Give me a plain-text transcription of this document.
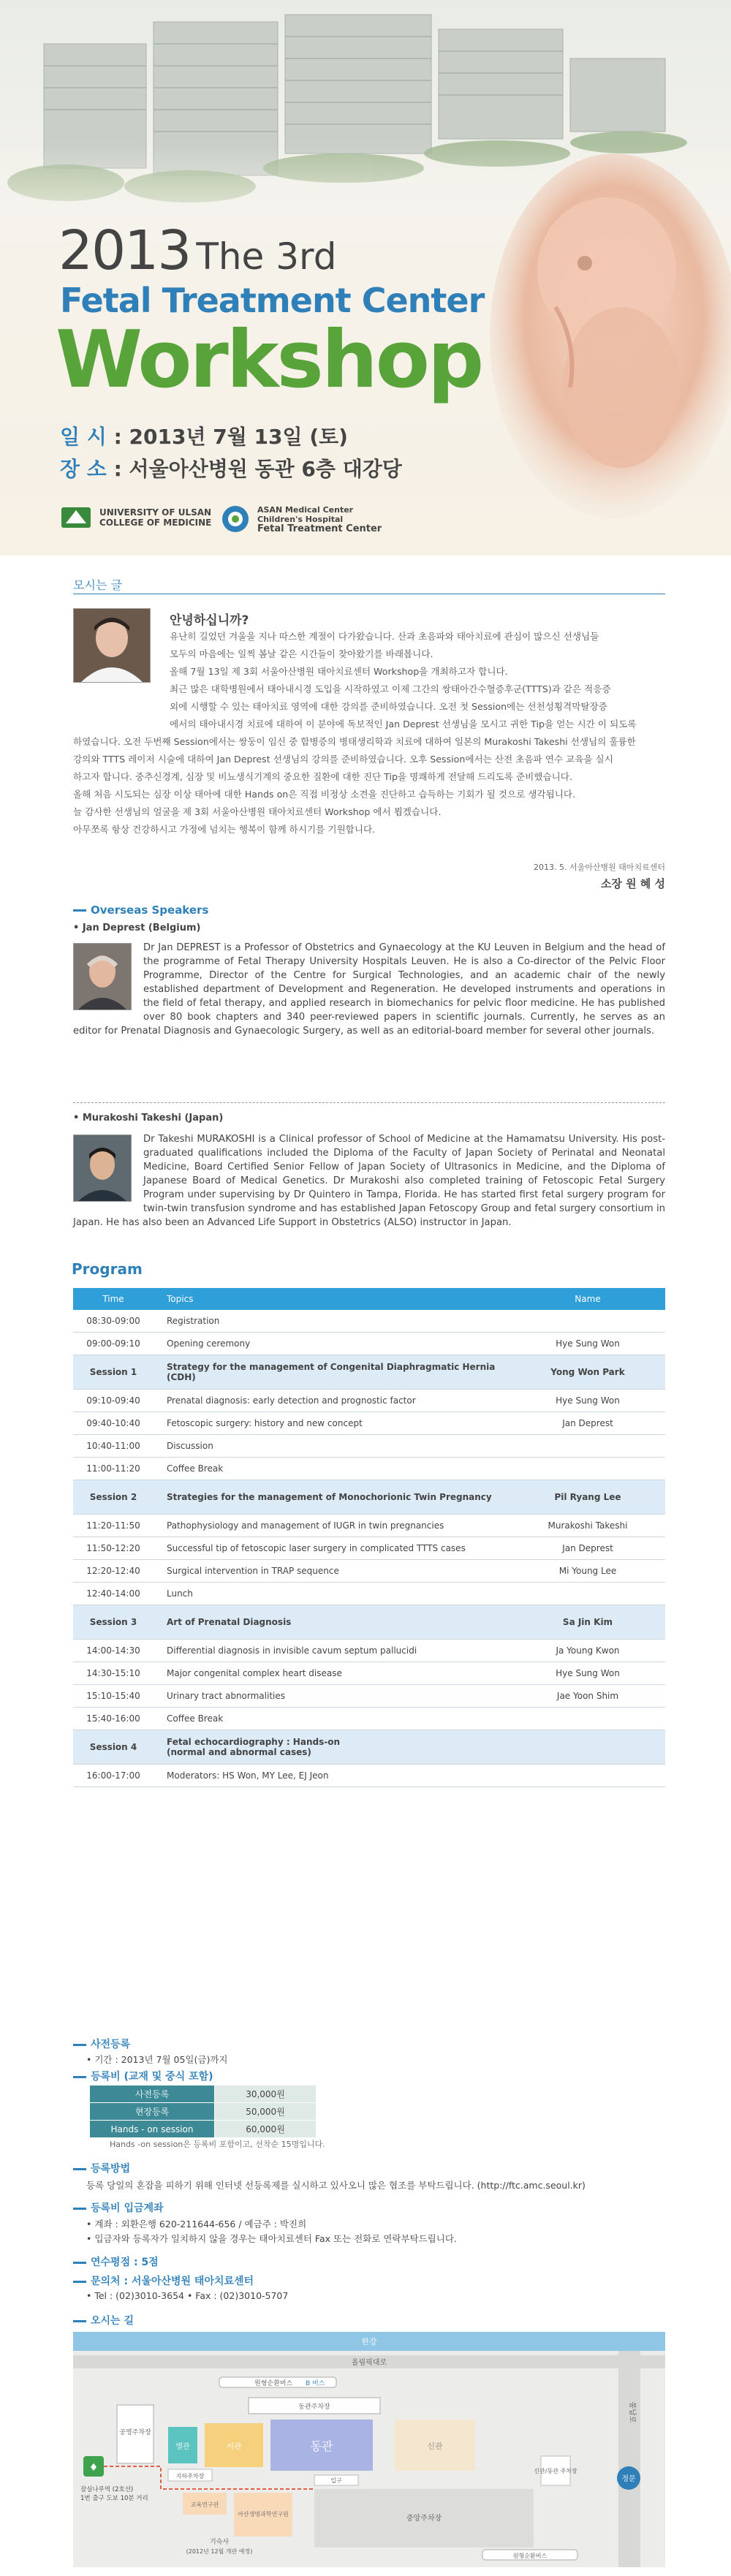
2013 The 3rd
Fetal Treatment Center
Workshop
일 시 : 2013년 7월 13일 (토)
장 소 : 서울아산병원 동관 6층 대강당
UNIVERSITY OF ULSAN
COLLEGE OF MEDICINE
ASAN Medical Center
Children's Hospital
Fetal Treatment Center
모시는 글
안녕하십니까?
유난히 길었던 겨울을 지나 따스한 계절이 다가왔습니다. 산과 초음파와 태아치료에 관심이 많으신 선생님들
모두의 마음에는 일찍 봄날 같은 시간들이 찾아왔기를 바래봅니다.
올해 7월 13일 제 3회 서울아산병원 태아치료센터 Workshop을 개최하고자 합니다.
최근 많은 대학병원에서 태아내시경 도입을 시작하였고 이제 그간의 쌍태아간수혈증후군(TTTS)과 같은 적응증
외에 시행할 수 있는 태아치료 영역에 대한 강의를 준비하였습니다. 오전 첫 Session에는 선천성횡격막탈장증
에서의 태아내시경 치료에 대하여 이 분야에 독보적인 Jan Deprest 선생님을 모시고 귀한 Tip을 얻는 시간 이 되도록
하였습니다. 오전 두번째 Session에서는 쌍둥이 임신 중 합병증의 병태생리학과 치료에 대하여 일본의 Murakoshi Takeshi 선생님의 훌륭한
강의와 TTTS 레이저 시술에 대하여 Jan Deprest 선생님의 강의를 준비하였습니다. 오후 Session에서는 산전 초음파 연수 교육을 실시
하고자 합니다. 중추신경계, 심장 및 비뇨생식기계의 중요한 질환에 대한 진단 Tip을 명쾌하게 전달해 드리도록 준비했습니다.
올해 처음 시도되는 심장 이상 태아에 대한 Hands on은 직접 비정상 소견을 진단하고 습득하는 기회가 될 것으로 생각됩니다.
늘 감사한 선생님의 얼굴을 제 3회 서울아산병원 태아치료센터 Workshop 에서 뵙겠습니다.
아무쪼록 항상 건강하시고 가정에 넘치는 행복이 함께 하시기를 기원합니다.
2013. 5. 서울아산병원 태아치료센터
소장 원 혜 성
Overseas Speakers
• Jan Deprest (Belgium)
Dr Jan DEPREST is a Professor of Obstetrics and Gynaecology at the KU Leuven in Belgium and the head of the programme of Fetal Therapy University Hospitals Leuven. He is also a Co-director of the Pelvic Floor Programme, Director of the Centre for Surgical Technologies, and an academic chair of the newly established department of Development and Regeneration. He developed instruments and operations in the field of fetal therapy, and applied research in biomechanics for pelvic floor medicine. He has published over 80 book chapters and 340 peer-reviewed papers in scientific journals. Currently, he serves as an editor for Prenatal Diagnosis and Gynaecologic Surgery, as well as an editorial-board member for several other journals.
• Murakoshi Takeshi (Japan)
Dr Takeshi MURAKOSHI is a Clinical professor of School of Medicine at the Hamamatsu University. His post-graduated qualifications included the Diploma of the Faculty of Japan Society of Perinatal and Neonatal Medicine, Board Certified Senior Fellow of Japan Society of Ultrasonics in Medicine, and the Diploma of Japanese Board of Medical Genetics. Dr Murakoshi also completed training of Fetoscopic Fetal Surgery Program under supervising by Dr Quintero in Tampa, Florida. He has started first fetal surgery program for twin-twin transfusion syndrome and has established Japan Fetoscopy Group and fetal surgery consortium in Japan. He has also been an Advanced Life Support in Obstetrics (ALSO) instructor in Japan.
Program
Time	Topics	Name
08:30-09:00	Registration	
09:00-09:10	Opening ceremony	Hye Sung Won
Session 1	Strategy for the management of Congenital Diaphragmatic Hernia (CDH)	Yong Won Park
09:10-09:40	Prenatal diagnosis: early detection and prognostic factor	Hye Sung Won
09:40-10:40	Fetoscopic surgery: history and new concept	Jan Deprest
10:40-11:00	Discussion	
11:00-11:20	Coffee Break	
Session 2	Strategies for the management of Monochorionic Twin Pregnancy	Pil Ryang Lee
11:20-11:50	Pathophysiology and management of IUGR in twin pregnancies	Murakoshi Takeshi
11:50-12:20	Successful tip of fetoscopic laser surgery in complicated TTTS cases	Jan Deprest
12:20-12:40	Surgical intervention in TRAP sequence	Mi Young Lee
12:40-14:00	Lunch	
Session 3	Art of Prenatal Diagnosis	Sa Jin Kim
14:00-14:30	Differential diagnosis in invisible cavum septum pallucidi	Ja Young Kwon
14:30-15:10	Major congenital complex heart disease	Hye Sung Won
15:10-15:40	Urinary tract abnormalities	Jae Yoon Shim
15:40-16:00	Coffee Break	
Session 4	Fetal echocardiography : Hands-on
(normal and abnormal cases)	

16:00-17:00	Moderators: HS Won, MY Lee, EJ Jeon	
사전등록
• 기간 : 2013년 7월 05일(금)까지
등록비 (교재 및 중식 포함)
사전등록	30,000원
현장등록	50,000원
Hands - on session	60,000원
Hands -on session은 등록비 포함이고, 선착순 15명입니다.
등록방법
등록 당일의 혼잡을 피하기 위해 인터넷 선등록제를 실시하고 있사오니 많은 협조를 부탁드립니다. (http://ftc.amc.seoul.kr)
등록비 입금계좌
• 계좌 : 외환은행 620-211644-656 / 예금주 : 박진희
• 입금자와 등록자가 일치하지 않을 경우는 태아치료센터 Fax 또는 전화로 연락부탁드립니다.
연수평점 : 5점
문의처 : 서울아산병원 태아치료센터
• Tel : (02)3010-3654 • Fax : (02)3010-5707
오시는 길
한강
올림픽대로
풍납로
원형순환버스 B 버스
동관주차장
공영주차장
♦
잠실나루역 (2호선)
1번 출구 도보 10분 거리
별관	서관	동관	신관
지하주차장
입구
신관/동관 주차장
아산생명과학연구원
교육연구관
중앙주차장
기숙사
(2012년 12월 개관 예정)
원형순환버스
정문
